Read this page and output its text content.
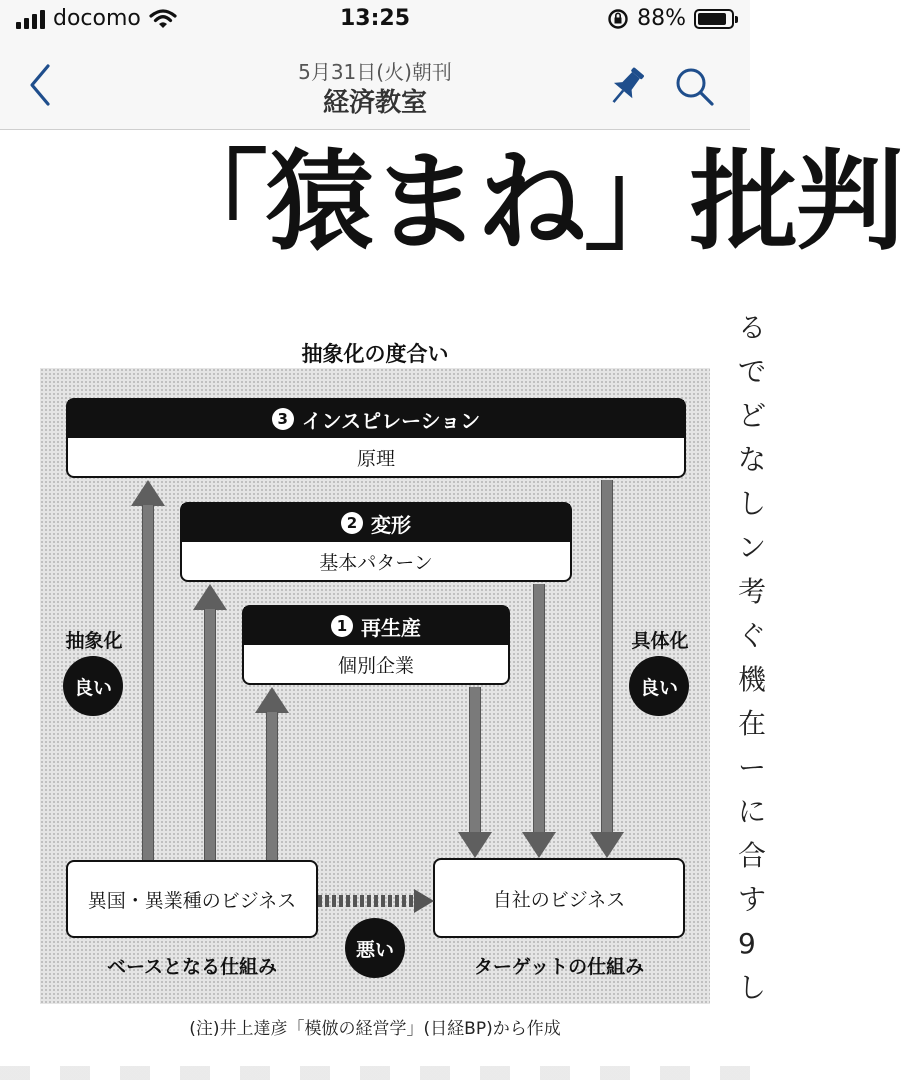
docomo	13:25	88%
5月31日(火)朝刊
経済教室
「猿まね」批判
る
で
ど
な
し
ン
考
ぐ
機
在
ー
に
合
す
9
し
抽象化の度合い
3 インスピレーション
原理
2 変形
基本パターン
1 再生産
個別企業
抽象化
良い
具体化
良い
異国・異業種のビジネス	自社のビジネス
悪い
ベースとなる仕組み	ターゲットの仕組み
(注)井上達彦「模倣の経営学」(日経BP)から作成
